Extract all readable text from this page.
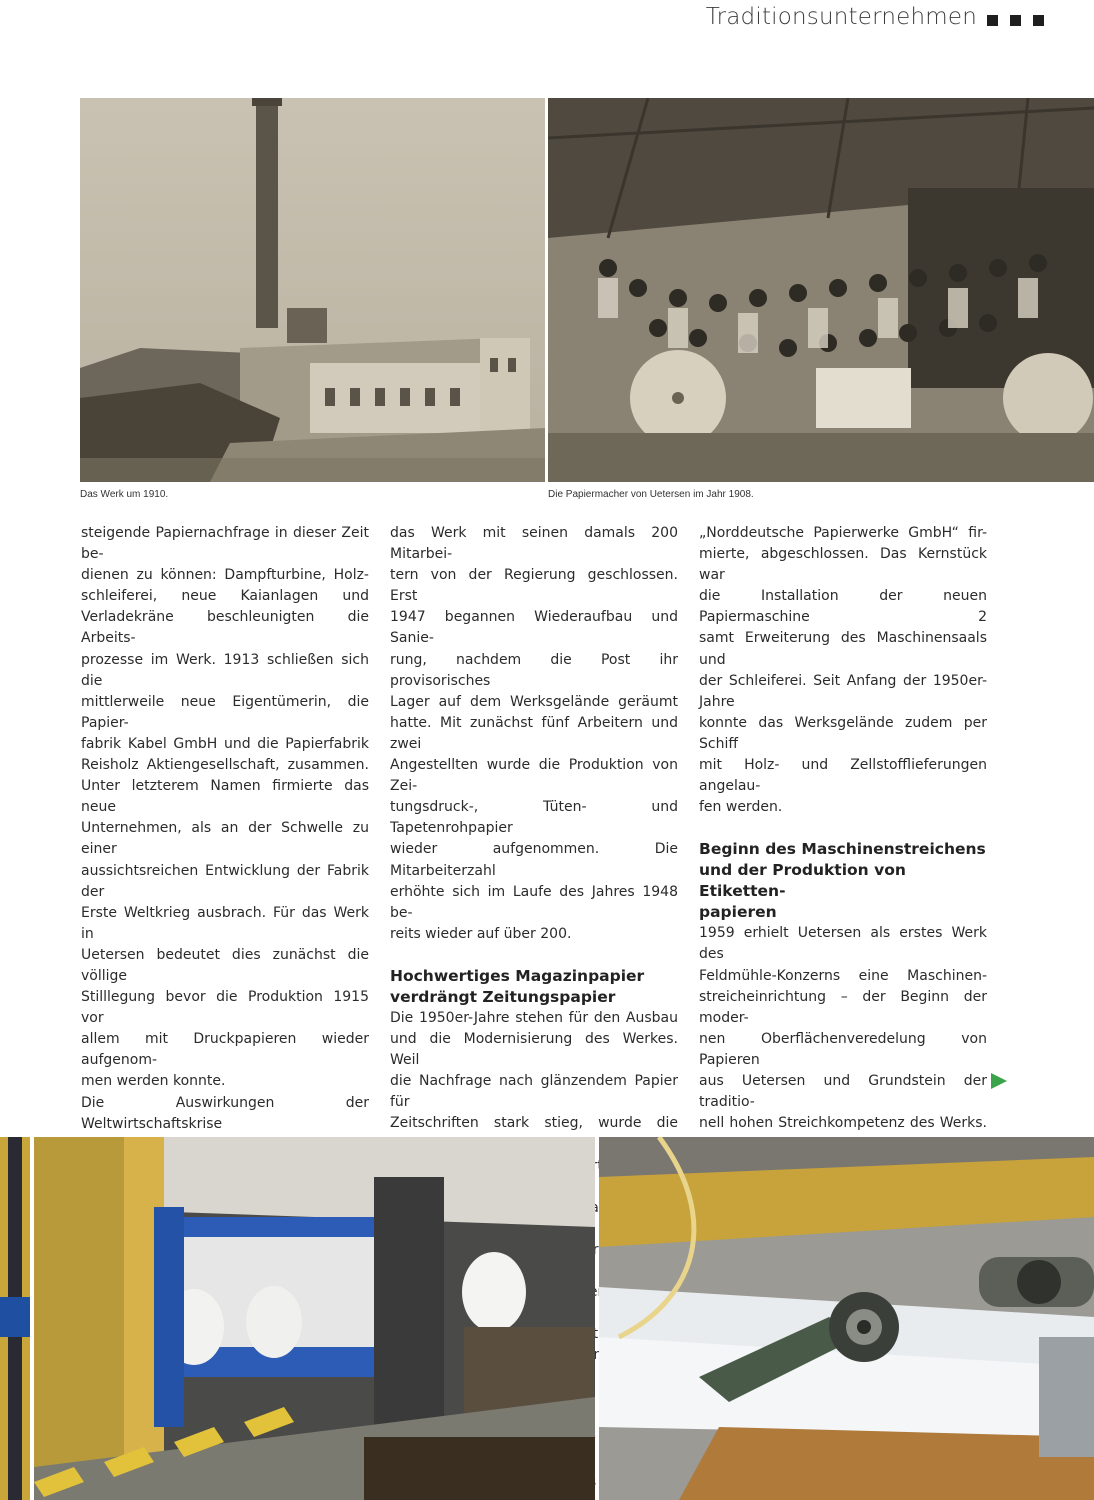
Traditionsunternehmen
Das Werk um 1910.	Die Papiermacher von Uetersen im Jahr 1908.

steigende Papiernachfrage in dieser Zeit be-

dienen zu können: Dampfturbine, Holz-

schleiferei, neue Kaianlagen und

Verladekräne beschleunigten die Arbeits-

prozesse im Werk. 1913 schließen sich die

mittlerweile neue Eigentümerin, die Papier-

fabrik Kabel GmbH und die Papierfabrik

Reisholz Aktiengesellschaft, zusammen.

Unter letzterem Namen firmierte das neue

Unternehmen, als an der Schwelle zu einer

aussichtsreichen Entwicklung der Fabrik der

Erste Weltkrieg ausbrach. Für das Werk in

Uetersen bedeutet dies zunächst die völlige

Stilllegung bevor die Produktion 1915 vor

allem mit Druckpapieren wieder aufgenom-

men werden konnte.

Die Auswirkungen der Weltwirtschaftskrise

das Werk mit seinen damals 200 Mitarbei-

tern von der Regierung geschlossen. Erst

1947 begannen Wiederaufbau und Sanie-

rung, nachdem die Post ihr provisorisches

Lager auf dem Werksgelände geräumt

hatte. Mit zunächst fünf Arbeitern und zwei

Angestellten wurde die Produktion von Zei-

tungsdruck-, Tüten- und Tapetenrohpapier

wieder aufgenommen. Die Mitarbeiterzahl

erhöhte sich im Laufe des Jahres 1948 be-

reits wieder auf über 200.

Hochwertiges Magazinpapier
verdrängt Zeitungspapier

Die 1950er-Jahre stehen für den Ausbau

und die Modernisierung des Werkes. Weil

die Nachfrage nach glänzendem Papier für

Zeitschriften stark stieg, wurde die

„Norddeutsche Papierwerke GmbH“ fir-

mierte, abgeschlossen. Das Kernstück war

die Installation der neuen Papiermaschine 2

samt Erweiterung des Maschinensaals und

der Schleiferei. Seit Anfang der 1950er-Jahre

konnte das Werksgelände zudem per Schiff

mit Holz- und Zellstofflieferungen angelau-

fen werden.

Beginn des Maschinenstreichens
und der Produktion von Etiketten-
papieren

1959 erhielt Uetersen als erstes Werk des

Feldmühle-Konzerns eine Maschinen-

streicheinrichtung – der Beginn der moder-

nen Oberflächenveredelung von Papieren

aus Uetersen und Grundstein der traditio-

nell hohen Streichkompetenz des Werks.
